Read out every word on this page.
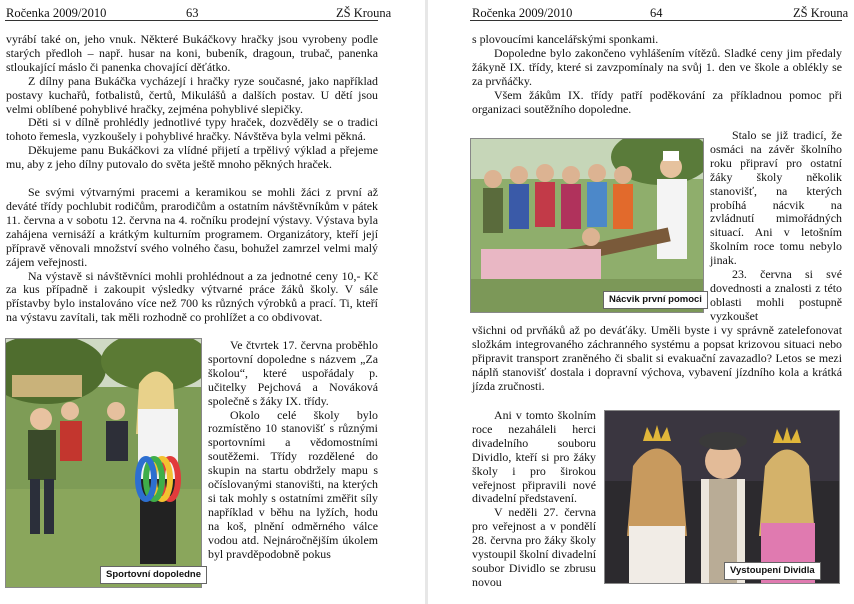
Ročenka 2009/2010	63	ZŠ Krouna

vyrábí také on, jeho vnuk. Některé Bukáčkovy hračky jsou vyrobeny podle starých předloh – např. husar na koni, bubeník, dragoun, trubač, panenka stloukající máslo či panenka chovající děťátko.

Z dílny pana Bukáčka vycházejí i hračky ryze současné, jako například postavy kuchařů, fotbalistů, čertů, Mikulášů a dalších postav. U dětí jsou velmi oblíbené pohyblivé hračky, zejména pohyblivé slepičky.

Děti si v dílně prohlédly jednotlivé typy hraček, dozvěděly se o tradici tohoto řemesla, vyzkoušely i pohyblivé hračky. Návštěva byla velmi pěkná.

Děkujeme panu Bukáčkovi za vlídné přijetí a trpělivý výklad a přejeme mu, aby z jeho dílny putovalo do světa ještě mnoho pěkných hraček.

Se svými výtvarnými pracemi a keramikou se mohli žáci z první až deváté třídy pochlubit rodičům, prarodičům a ostatním návštěvníkům v pátek 11. června a v sobotu 12. června na 4. ročníku prodejní výstavy. Výstava byla zahájena vernisáží a krátkým kulturním programem. Organizátory, kteří její přípravě věnovali množství svého volného času, bohužel zamrzel velmi malý zájem veřejnosti.

Na výstavě si návštěvníci mohli prohlédnout a za jednotné ceny 10,- Kč za kus případně i zakoupit výsledky výtvarné práce žáků školy. V sále přístavby bylo instalováno více než 700 ks různých výrobků a prací. Ti, kteří na výstavu zavítali, tak měli rozhodně co prohlížet a co obdivovat.

Sportovní dopoledne

Ve čtvrtek 17. června proběhlo sportovní dopoledne s názvem „Za školou“, které uspořádaly p. učitelky Pejchová a Nováková společně s žáky IX. třídy.

Okolo celé školy bylo rozmístěno 10 stanovišť s různými sportovními a vědomostními soutěžemi. Třídy rozdělené do skupin na startu obdržely mapu s očíslovanými stanovišti, na kterých si tak mohly s ostatními změřit síly například v běhu na lyžích, hodu na koš, plnění odměrného válce vodou atd. Nejnáročnějším úkolem byl pravděpodobně pokus

Ročenka 2009/2010	64	ZŠ Krouna

s plovoucími kancelářskými sponkami.

Dopoledne bylo zakončeno vyhlášením vítězů. Sladké ceny jim předaly žákyně IX. třídy, které si zavzpomínaly na svůj 1. den ve škole a oblékly se za prvňáčky.

Všem žákům IX. třídy patří poděkování za příkladnou pomoc při organizaci soutěžního dopoledne.

Nácvik první pomoci

Stalo se již tradicí, že osmáci na závěr školního roku připraví pro ostatní žáky školy několik stanovišť, na kterých probíhá nácvik na zvládnutí mimořádných situací. Ani v letošním školním roce tomu nebylo jinak.

23. června si své dovednosti a znalosti z této oblasti mohli postupně vyzkoušet

všichni od prvňáků až po deváťáky. Uměli byste i vy správně zatelefonovat složkám integrovaného záchranného systému a popsat krizovou situaci nebo připravit transport zraněného či sbalit si evakuační zavazadlo? Letos se mezi náplň stanovišť dostala i dopravní výchova, vybavení jízdního kola a krátká jízda zručnosti.

Ani v tomto školním roce nezaháleli herci divadelního souboru Dividlo, kteří si pro žáky školy i pro širokou veřejnost připravili nové divadelní představení.

V neděli 27. června pro veřejnost a v pondělí 28. června pro žáky školy vystoupil školní divadelní soubor Dividlo se zbrusu novou

Vystoupení Dividla
